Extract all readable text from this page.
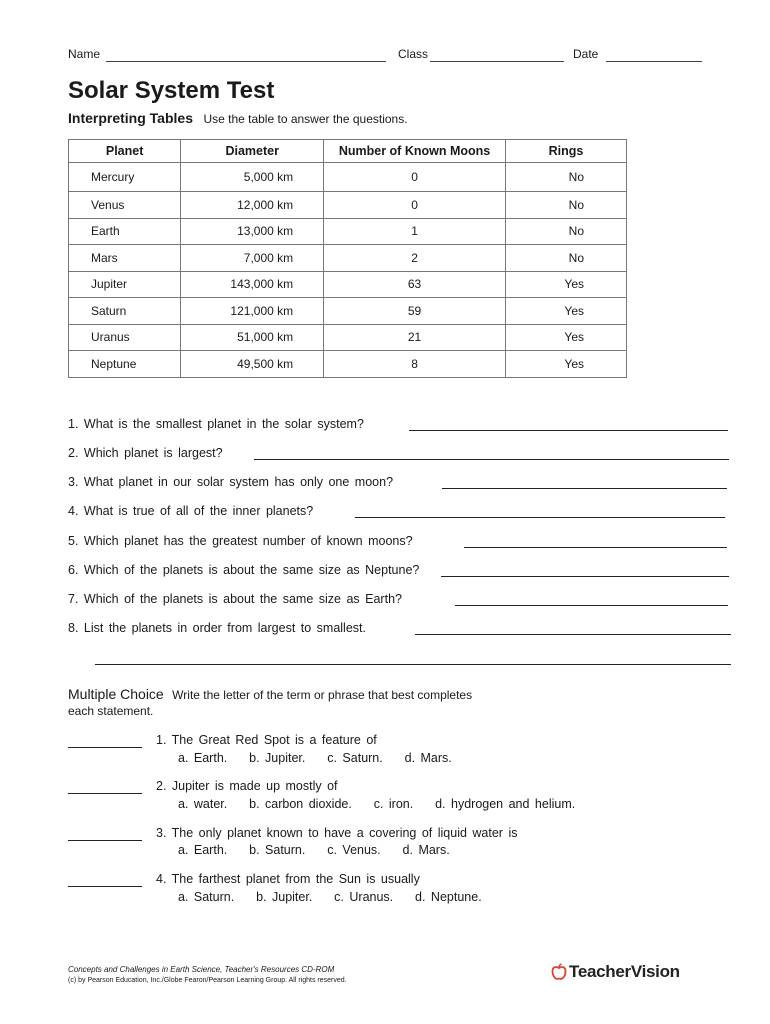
Name	Class	Date
Solar System Test
Interpreting Tables Use the table to answer the questions.
Planet	Diameter	Number of Known Moons	Rings
Mercury	5,000 km	0	No
Venus	12,000 km	0	No
Earth	13,000 km	1	No
Mars	7,000 km	2	No
Jupiter	143,000 km	63	Yes
Saturn	121,000 km	59	Yes
Uranus	51,000 km	21	Yes
Neptune	49,500 km	8	Yes
1. What is the smallest planet in the solar system?
2. Which planet is largest?
3. What planet in our solar system has only one moon?
4. What is true of all of the inner planets?
5. Which planet has the greatest number of known moons?
6. Which of the planets is about the same size as Neptune?
7. Which of the planets is about the same size as Earth?
8. List the planets in order from largest to smallest.
Multiple Choice Write the letter of the term or phrase that best completes
each statement.
1. The Great Red Spot is a feature of
a. Earth.    b. Jupiter.    c. Saturn.    d. Mars.
2. Jupiter is made up mostly of
a. water.    b. carbon dioxide.    c. iron.    d. hydrogen and helium.
3. The only planet known to have a covering of liquid water is
a. Earth.    b. Saturn.    c. Venus.    d. Mars.
4. The farthest planet from the Sun is usually
a. Saturn.    b. Jupiter.    c. Uranus.    d. Neptune.
Concepts and Challenges in Earth Science, Teacher's Resources CD-ROM
(c) by Pearson Education, Inc./Globe Fearon/Pearson Learning Group. All rights reserved.	TeacherVision
